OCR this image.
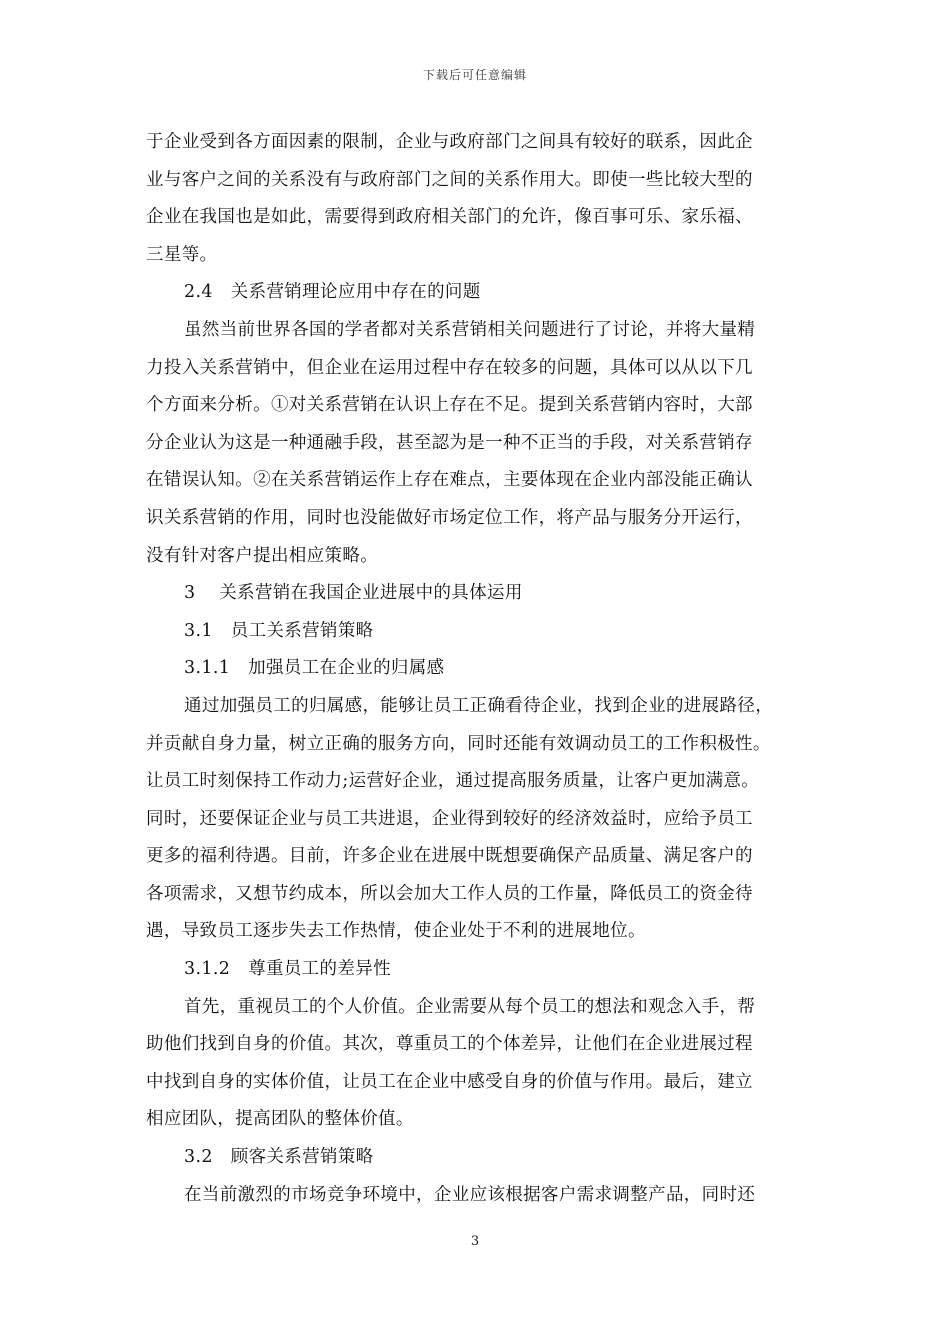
下载后可任意编辑
于企业受到各方面因素的限制，企业与政府部门之间具有较好的联系，因此企
业与客户之间的关系没有与政府部门之间的关系作用大。即使一些比较大型的
企业在我国也是如此，需要得到政府相关部门的允许，像百事可乐、家乐福、
三星等。
2.4　关系营销理论应用中存在的问题
虽然当前世界各国的学者都对关系营销相关问题进行了讨论，并将大量精
力投入关系营销中，但企业在运用过程中存在较多的问题，具体可以从以下几
个方面来分析。①对关系营销在认识上存在不足。提到关系营销内容时，大部
分企业认为这是一种通融手段，甚至認为是一种不正当的手段，对关系营销存
在错误认知。②在关系营销运作上存在难点，主要体现在企业内部没能正确认
识关系营销的作用，同时也没能做好市场定位工作，将产品与服务分开运行，
没有针对客户提出相应策略。
3　 关系营销在我国企业进展中的具体运用
3.1　员工关系营销策略
3.1.1　加强员工在企业的归属感
通过加强员工的归属感，能够让员工正确看待企业，找到企业的进展路径，
并贡献自身力量，树立正确的服务方向，同时还能有效调动员工的工作积极性。
让员工时刻保持工作动力;运营好企业，通过提高服务质量，让客户更加满意。
同时，还要保证企业与员工共进退，企业得到较好的经济效益时，应给予员工
更多的福利待遇。目前，许多企业在进展中既想要确保产品质量、满足客户的
各项需求，又想节约成本，所以会加大工作人员的工作量，降低员工的资金待
遇，导致员工逐步失去工作热情，使企业处于不利的进展地位。
3.1.2　尊重员工的差异性
首先，重视员工的个人价值。企业需要从每个员工的想法和观念入手，帮
助他们找到自身的价值。其次，尊重员工的个体差异，让他们在企业进展过程
中找到自身的实体价值，让员工在企业中感受自身的价值与作用。最后，建立
相应团队，提高团队的整体价值。
3.2　顾客关系营销策略
在当前激烈的市场竞争环境中，企业应该根据客户需求调整产品，同时还
3
